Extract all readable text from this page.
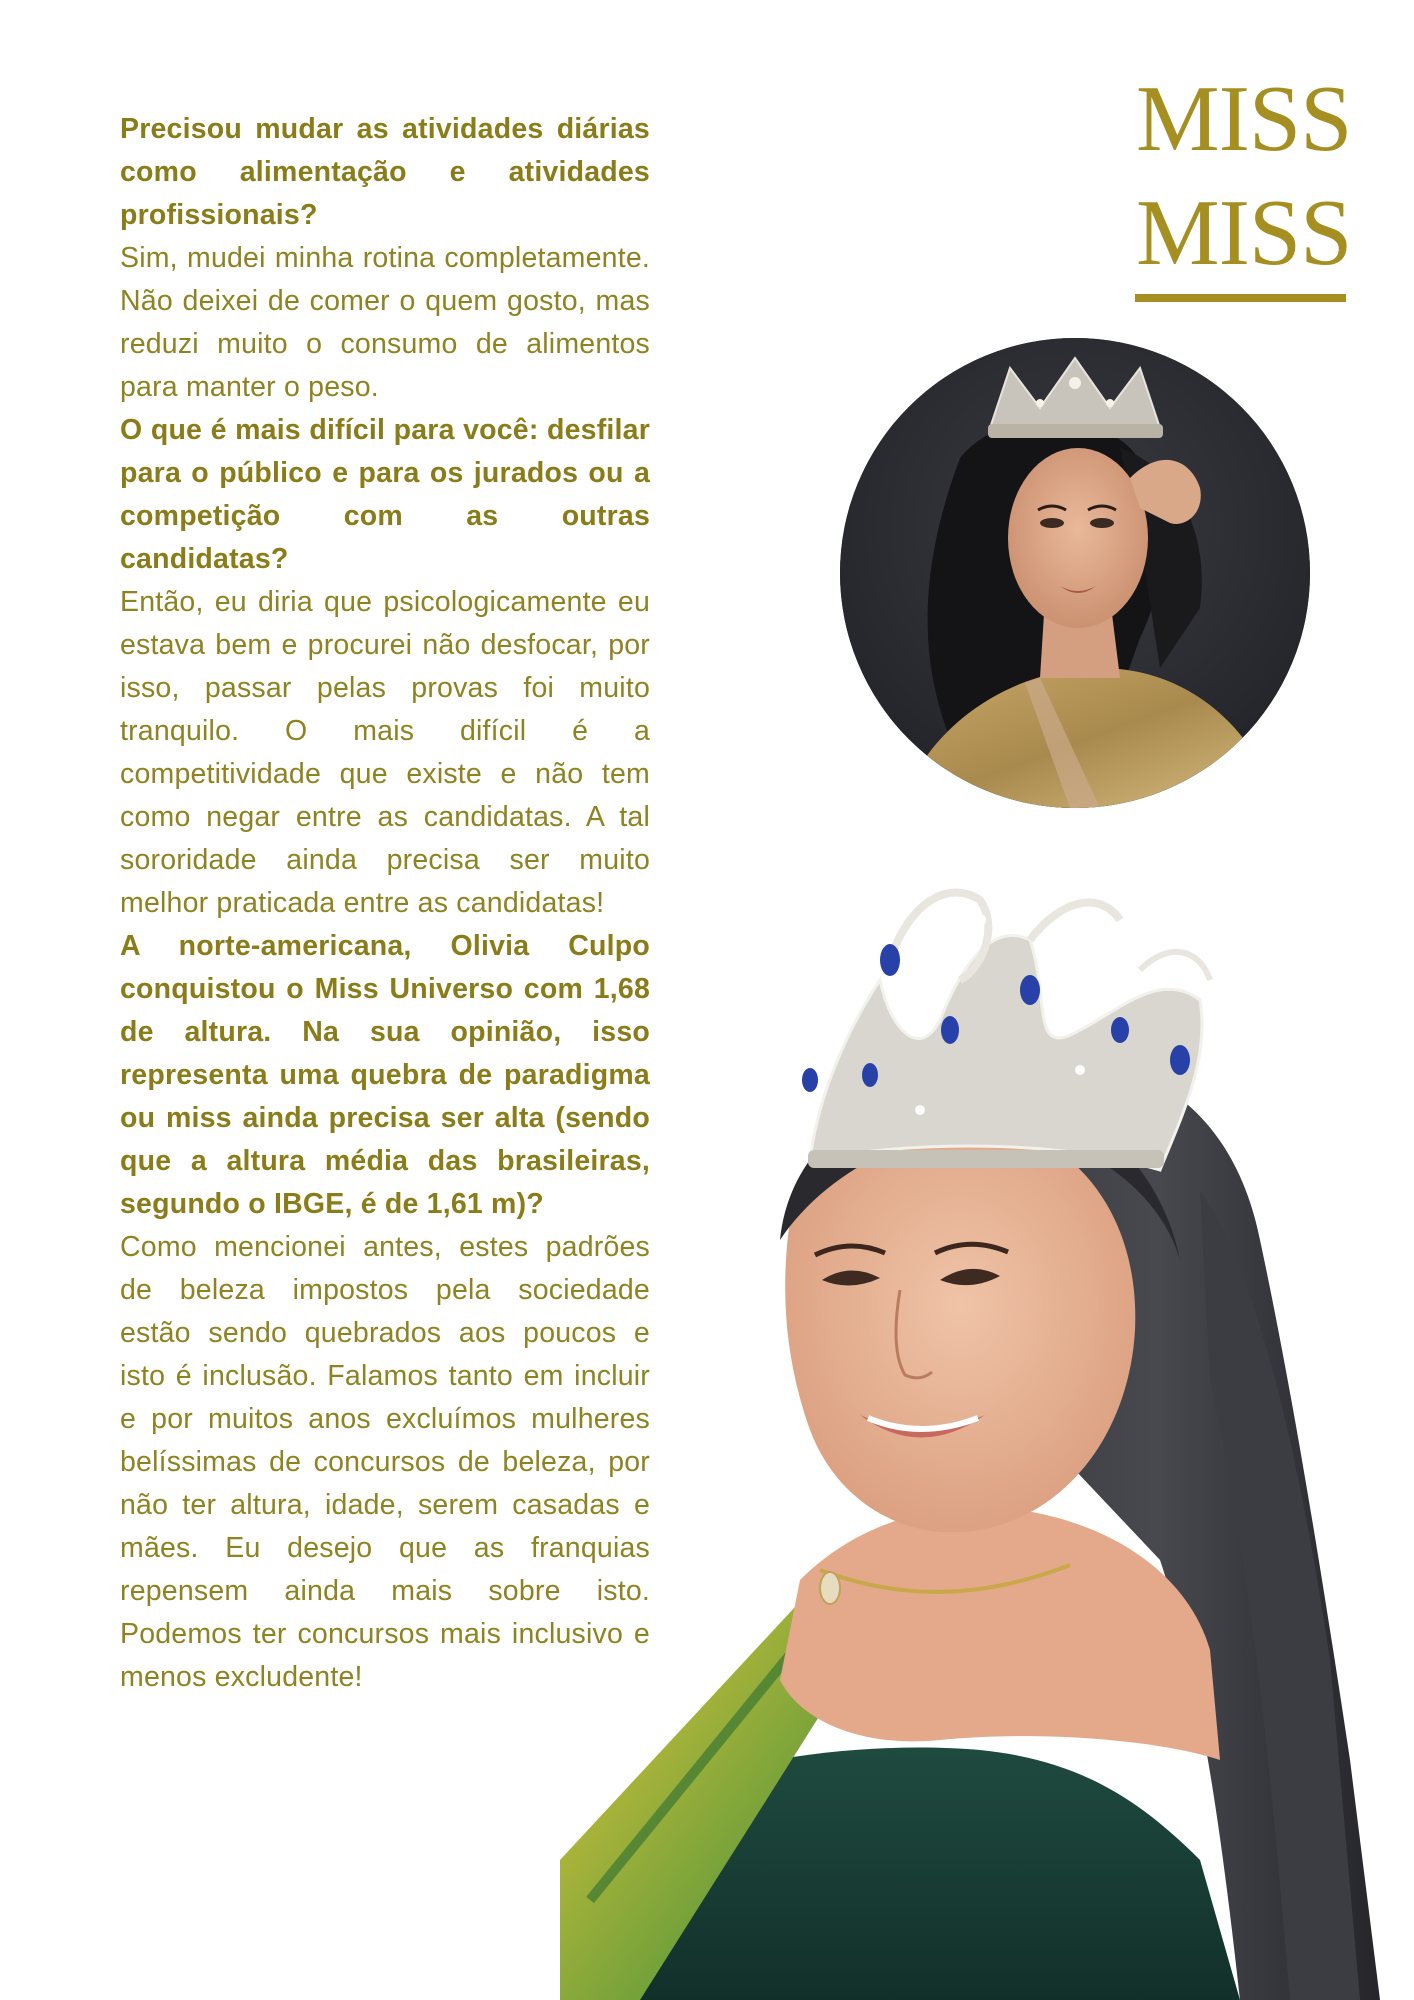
Precisou mudar as atividades diárias como alimentação e atividades profissionais?

Sim, mudei minha rotina completamente. Não deixei de comer o quem gosto, mas reduzi muito o consumo de alimentos para manter o peso.

O que é mais difícil para você: desfilar para o público e para os jurados ou a competição com as outras candidatas?

Então, eu diria que psicologicamente eu estava bem e procurei não desfocar, por isso, passar pelas provas foi muito tranquilo. O mais difícil é a competitividade que existe e não tem como negar entre as candidatas. A tal sororidade ainda precisa ser muito melhor praticada entre as candidatas!

A norte-americana, Olivia Culpo conquistou o Miss Universo com 1,68 de altura. Na sua opinião, isso representa uma quebra de paradigma ou miss ainda precisa ser alta (sendo que a altura média das brasileiras, segundo o IBGE, é de 1,61 m)?

Como mencionei antes, estes padrões de beleza impostos pela sociedade estão sendo quebrados aos poucos e isto é inclusão. Falamos tanto em incluir e por muitos anos excluímos mulheres belíssimas de concursos de beleza, por não ter altura, idade, serem casadas e mães. Eu desejo que as franquias repensem ainda mais sobre isto. Podemos ter concursos mais inclusivo e menos excludente!

MISS
MISS
